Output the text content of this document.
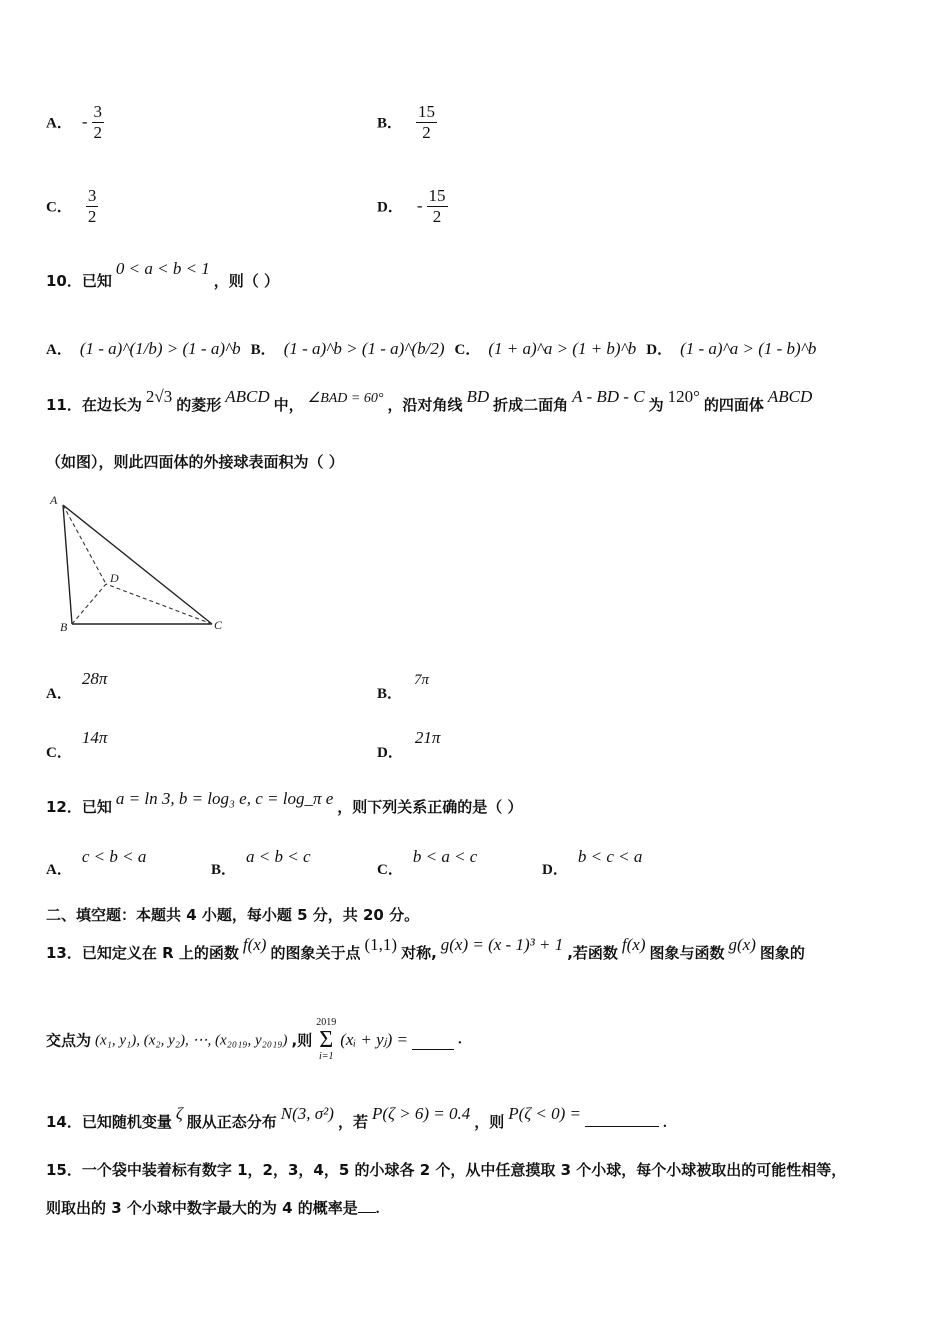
A． - $\frac{3}{2}$	B． $\frac{15}{2}$
C． $\frac{3}{2}$	D． - $\frac{15}{2}$
10．已知 0 < a < b < 1 ，则（ ）
A． (1 - a)^(1/b) > (1 - a)^b B． (1 - a)^b > (1 - a)^(b/2) C． (1 + a)^a > (1 + b)^b D． (1 - a)^a > (1 - b)^b
11．在边长为 2√3 的菱形 ABCD 中， ∠BAD = 60° ，沿对角线 BD 折成二面角 A - BD - C 为 120° 的四面体 ABCD
（如图），则此四面体的外接球表面积为（ ）
A
B	C
D
A． 28π
B． 7π
C． 14π
D． 21π
12．已知 a = ln 3, b = log₃ e, c = log_π e ，则下列关系正确的是（ ）
A． c < b < a
B． a < b < c
C． b < a < c
D． b < c < a
二、填空题：本题共 4 小题，每小题 5 分，共 20 分。
13．已知定义在 R 上的函数 f(x) 的图象关于点 (1,1) 对称, g(x) = (x - 1)³ + 1 ,若函数 f(x) 图象与函数 g(x) 图象的
交点为 (x₁, y₁), (x₂, y₂), ⋯, (x₂₀₁₉, y₂₀₁₉) ,则
2019
Σ
i=1
(xᵢ + yⱼ) =	.
14．已知随机变量 ζ 服从正态分布 N(3, σ²) ，若 P(ζ > 6) = 0.4 ，则 P(ζ < 0) =	.
15．一个袋中装着标有数字 1，2，3，4，5 的小球各 2 个，从中任意摸取 3 个小球，每个小球被取出的可能性相等，
则取出的 3 个小球中数字最大的为 4 的概率是 .
